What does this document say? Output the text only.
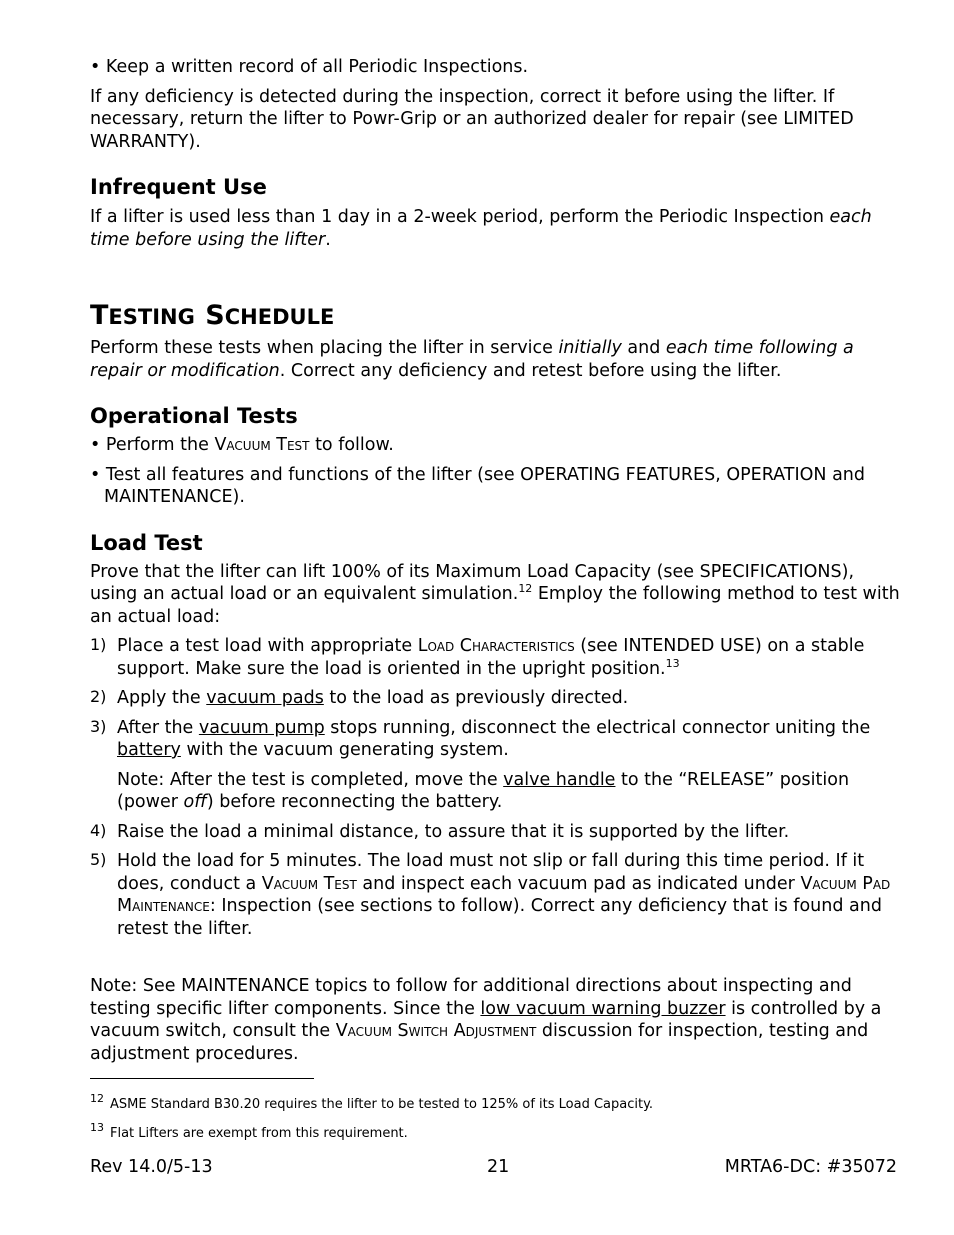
• Keep a written record of all Periodic Inspections.

If any deficiency is detected during the inspection, correct it before using the lifter. If necessary, return the lifter to Powr-Grip or an authorized dealer for repair (see LIMITED WARRANTY).

Infrequent Use

If a lifter is used less than 1 day in a 2-week period, perform the Periodic Inspection each time before using the lifter.

Testing Schedule

Perform these tests when placing the lifter in service initially and each time following a repair or modification. Correct any deficiency and retest before using the lifter.

Operational Tests

• Perform the Vacuum Test to follow.

• Test all features and functions of the lifter (see OPERATING FEATURES, OPERATION and MAINTENANCE).

Load Test

Prove that the lifter can lift 100% of its Maximum Load Capacity (see SPECIFICATIONS), using an actual load or an equivalent simulation.$^{12}$ Employ the following method to test with an actual load:

1) Place a test load with appropriate Load Characteristics (see INTENDED USE) on a stable support. Make sure the load is oriented in the upright position.$^{13}$

2) Apply the vacuum pads to the load as previously directed.

3) After the vacuum pump stops running, disconnect the electrical connector uniting the battery with the vacuum generating system.

Note: After the test is completed, move the valve handle to the “RELEASE” position (power off) before reconnecting the battery.

4) Raise the load a minimal distance, to assure that it is supported by the lifter.

5) Hold the load for 5 minutes. The load must not slip or fall during this time period. If it does, conduct a Vacuum Test and inspect each vacuum pad as indicated under Vacuum Pad Maintenance: Inspection (see sections to follow). Correct any deficiency that is found and retest the lifter.

Note: See MAINTENANCE topics to follow for additional directions about inspecting and testing specific lifter components. Since the low vacuum warning buzzer is controlled by a vacuum switch, consult the Vacuum Switch Adjustment discussion for inspection, testing and adjustment procedures.

$^{12}$ ASME Standard B30.20 requires the lifter to be tested to 125% of its Load Capacity.
$^{13}$ Flat Lifters are exempt from this requirement.
Rev 14.0/5-13	21	MRTA6-DC: #35072
